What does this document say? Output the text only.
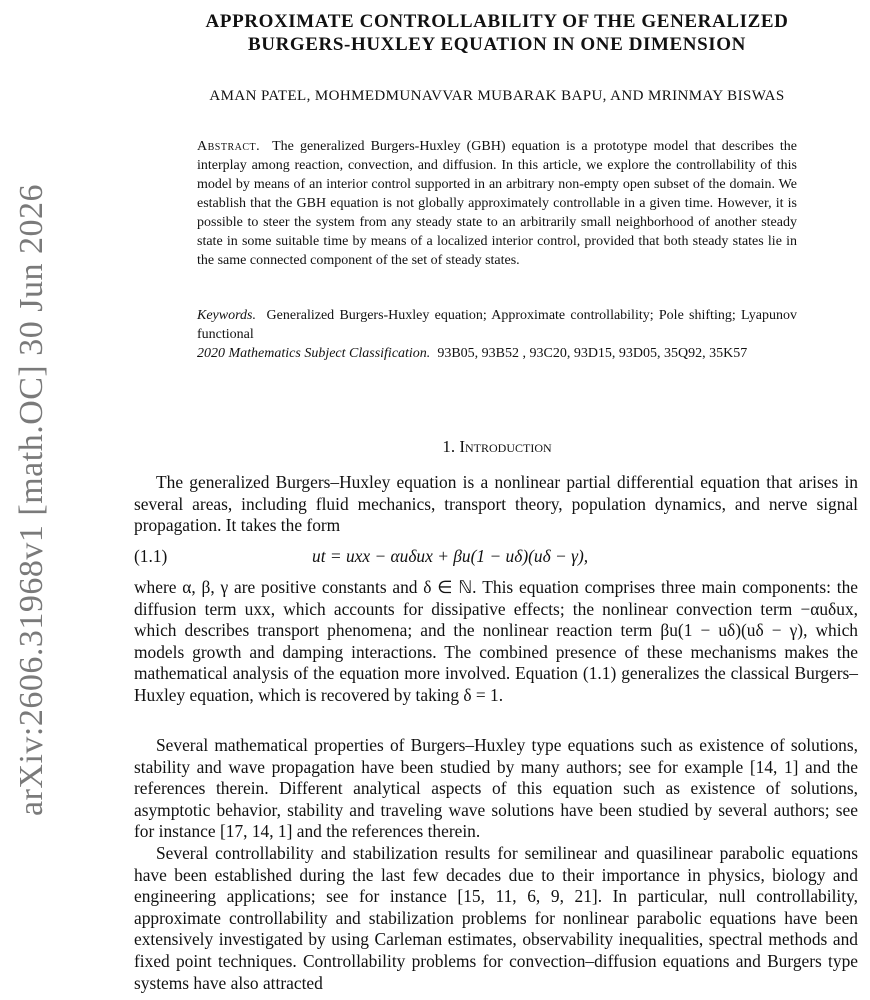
arXiv:2606.31968v1 [math.OC] 30 Jun 2026
APPROXIMATE CONTROLLABILITY OF THE GENERALIZED
BURGERS-HUXLEY EQUATION IN ONE DIMENSION
AMAN PATEL, MOHMEDMUNAVVAR MUBARAK BAPU, AND MRINMAY BISWAS
Abstract. The generalized Burgers-Huxley (GBH) equation is a prototype model that describes the interplay among reaction, convection, and diffusion. In this article, we explore the controllability of this model by means of an interior control supported in an arbitrary non-empty open subset of the domain. We establish that the GBH equation is not globally approximately controllable in a given time. However, it is possible to steer the system from any steady state to an arbitrarily small neighborhood of another steady state in some suitable time by means of a localized interior control, provided that both steady states lie in the same connected component of the set of steady states.
Keywords. Generalized Burgers-Huxley equation; Approximate controllability; Pole shifting; Lyapunov functional
2020 Mathematics Subject Classification. 93B05, 93B52 , 93C20, 93D15, 93D05, 35Q92, 35K57
1. Introduction
The generalized Burgers–Huxley equation is a nonlinear partial differential equation that arises in several areas, including fluid mechanics, transport theory, population dynamics, and nerve signal propagation. It takes the form
(1.1)	ut = uxx − αuδux + βu(1 − uδ)(uδ − γ),
where α, β, γ are positive constants and δ ∈ ℕ. This equation comprises three main components: the diffusion term uxx, which accounts for dissipative effects; the nonlinear convection term −αuδux, which describes transport phenomena; and the nonlinear reaction term βu(1 − uδ)(uδ − γ), which models growth and damping interactions. The combined presence of these mechanisms makes the mathematical analysis of the equation more involved. Equation (1.1) generalizes the classical Burgers–Huxley equation, which is recovered by taking δ = 1.
Several mathematical properties of Burgers–Huxley type equations such as existence of solutions, stability and wave propagation have been studied by many authors; see for example [14, 1] and the references therein. Different analytical aspects of this equation such as existence of solutions, asymptotic behavior, stability and traveling wave solutions have been studied by several authors; see for instance [17, 14, 1] and the references therein.
Several controllability and stabilization results for semilinear and quasilinear parabolic equations have been established during the last few decades due to their importance in physics, biology and engineering applications; see for instance [15, 11, 6, 9, 21]. In particular, null controllability, approximate controllability and stabilization problems for nonlinear parabolic equations have been extensively investigated by using Carleman estimates, observability inequalities, spectral methods and fixed point techniques. Controllability problems for convection–diffusion equations and Burgers type systems have also attracted
